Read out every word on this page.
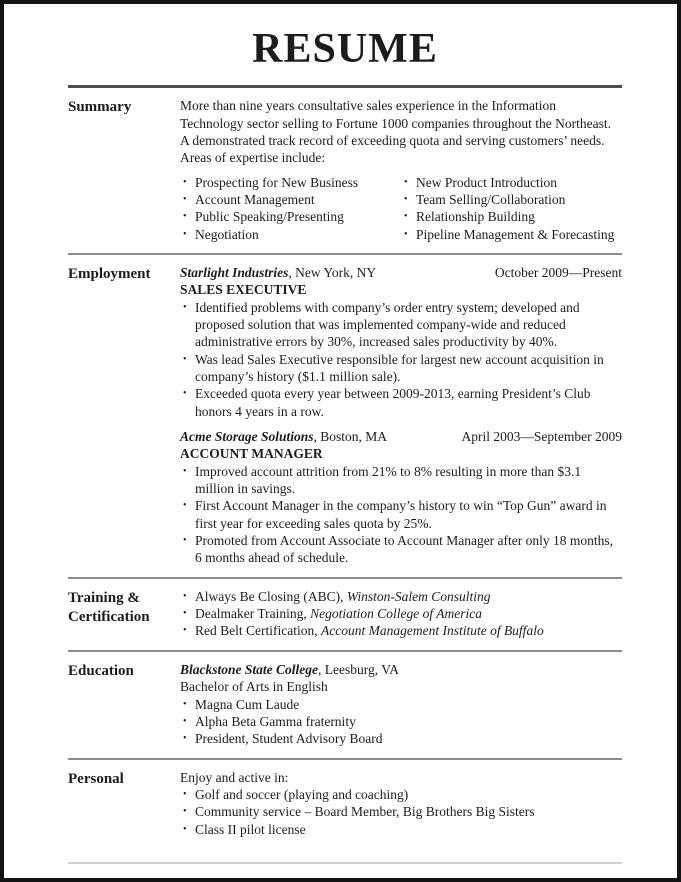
RESUME
Summary	More than nine years consultative sales experience in the Information Technology sector selling to Fortune 1000 companies throughout the Northeast. A demonstrated track record of exceeding quota and serving customers’ needs. Areas of expertise include:
• Prospecting for New Business
• Account Management
• Public Speaking/Presenting
• Negotiation
• New Product Introduction
• Team Selling/Collaboration
• Relationship Building
• Pipeline Management & Forecasting
Employment	Starlight Industries, New York, NY	October 2009—Present
SALES EXECUTIVE
• Identified problems with company’s order entry system; developed and proposed solution that was implemented company-wide and reduced administrative errors by 30%, increased sales productivity by 40%.
• Was lead Sales Executive responsible for largest new account acquisition in company’s history ($1.1 million sale).
• Exceeded quota every year between 2009-2013, earning President’s Club honors 4 years in a row.
Acme Storage Solutions, Boston, MA	April 2003—September 2009
ACCOUNT MANAGER
• Improved account attrition from 21% to 8% resulting in more than $3.1 million in savings.
• First Account Manager in the company’s history to win “Top Gun” award in first year for exceeding sales quota by 25%.
• Promoted from Account Associate to Account Manager after only 18 months, 6 months ahead of schedule.
Training & Certification
• Always Be Closing (ABC), Winston-Salem Consulting
• Dealmaker Training, Negotiation College of America
• Red Belt Certification, Account Management Institute of Buffalo
Education	Blackstone State College, Leesburg, VA
Bachelor of Arts in English
• Magna Cum Laude
• Alpha Beta Gamma fraternity
• President, Student Advisory Board
Personal	Enjoy and active in:
• Golf and soccer (playing and coaching)
• Community service – Board Member, Big Brothers Big Sisters
• Class II pilot license
